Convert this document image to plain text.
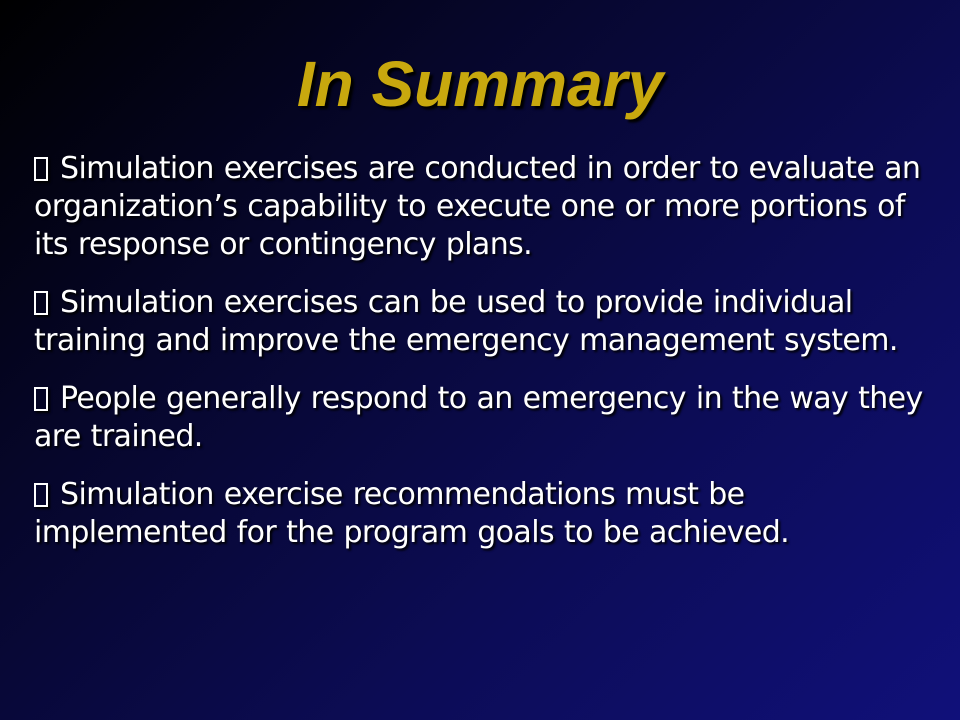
In Summary
Simulation exercises are conducted in order to evaluate an organization’s capability to execute one or more portions of its response or contingency plans.
Simulation exercises can be used to provide individual training and improve the emergency management system.
People generally respond to an emergency in the way they are trained.
Simulation exercise recommendations must be implemented for the program goals to be achieved.
